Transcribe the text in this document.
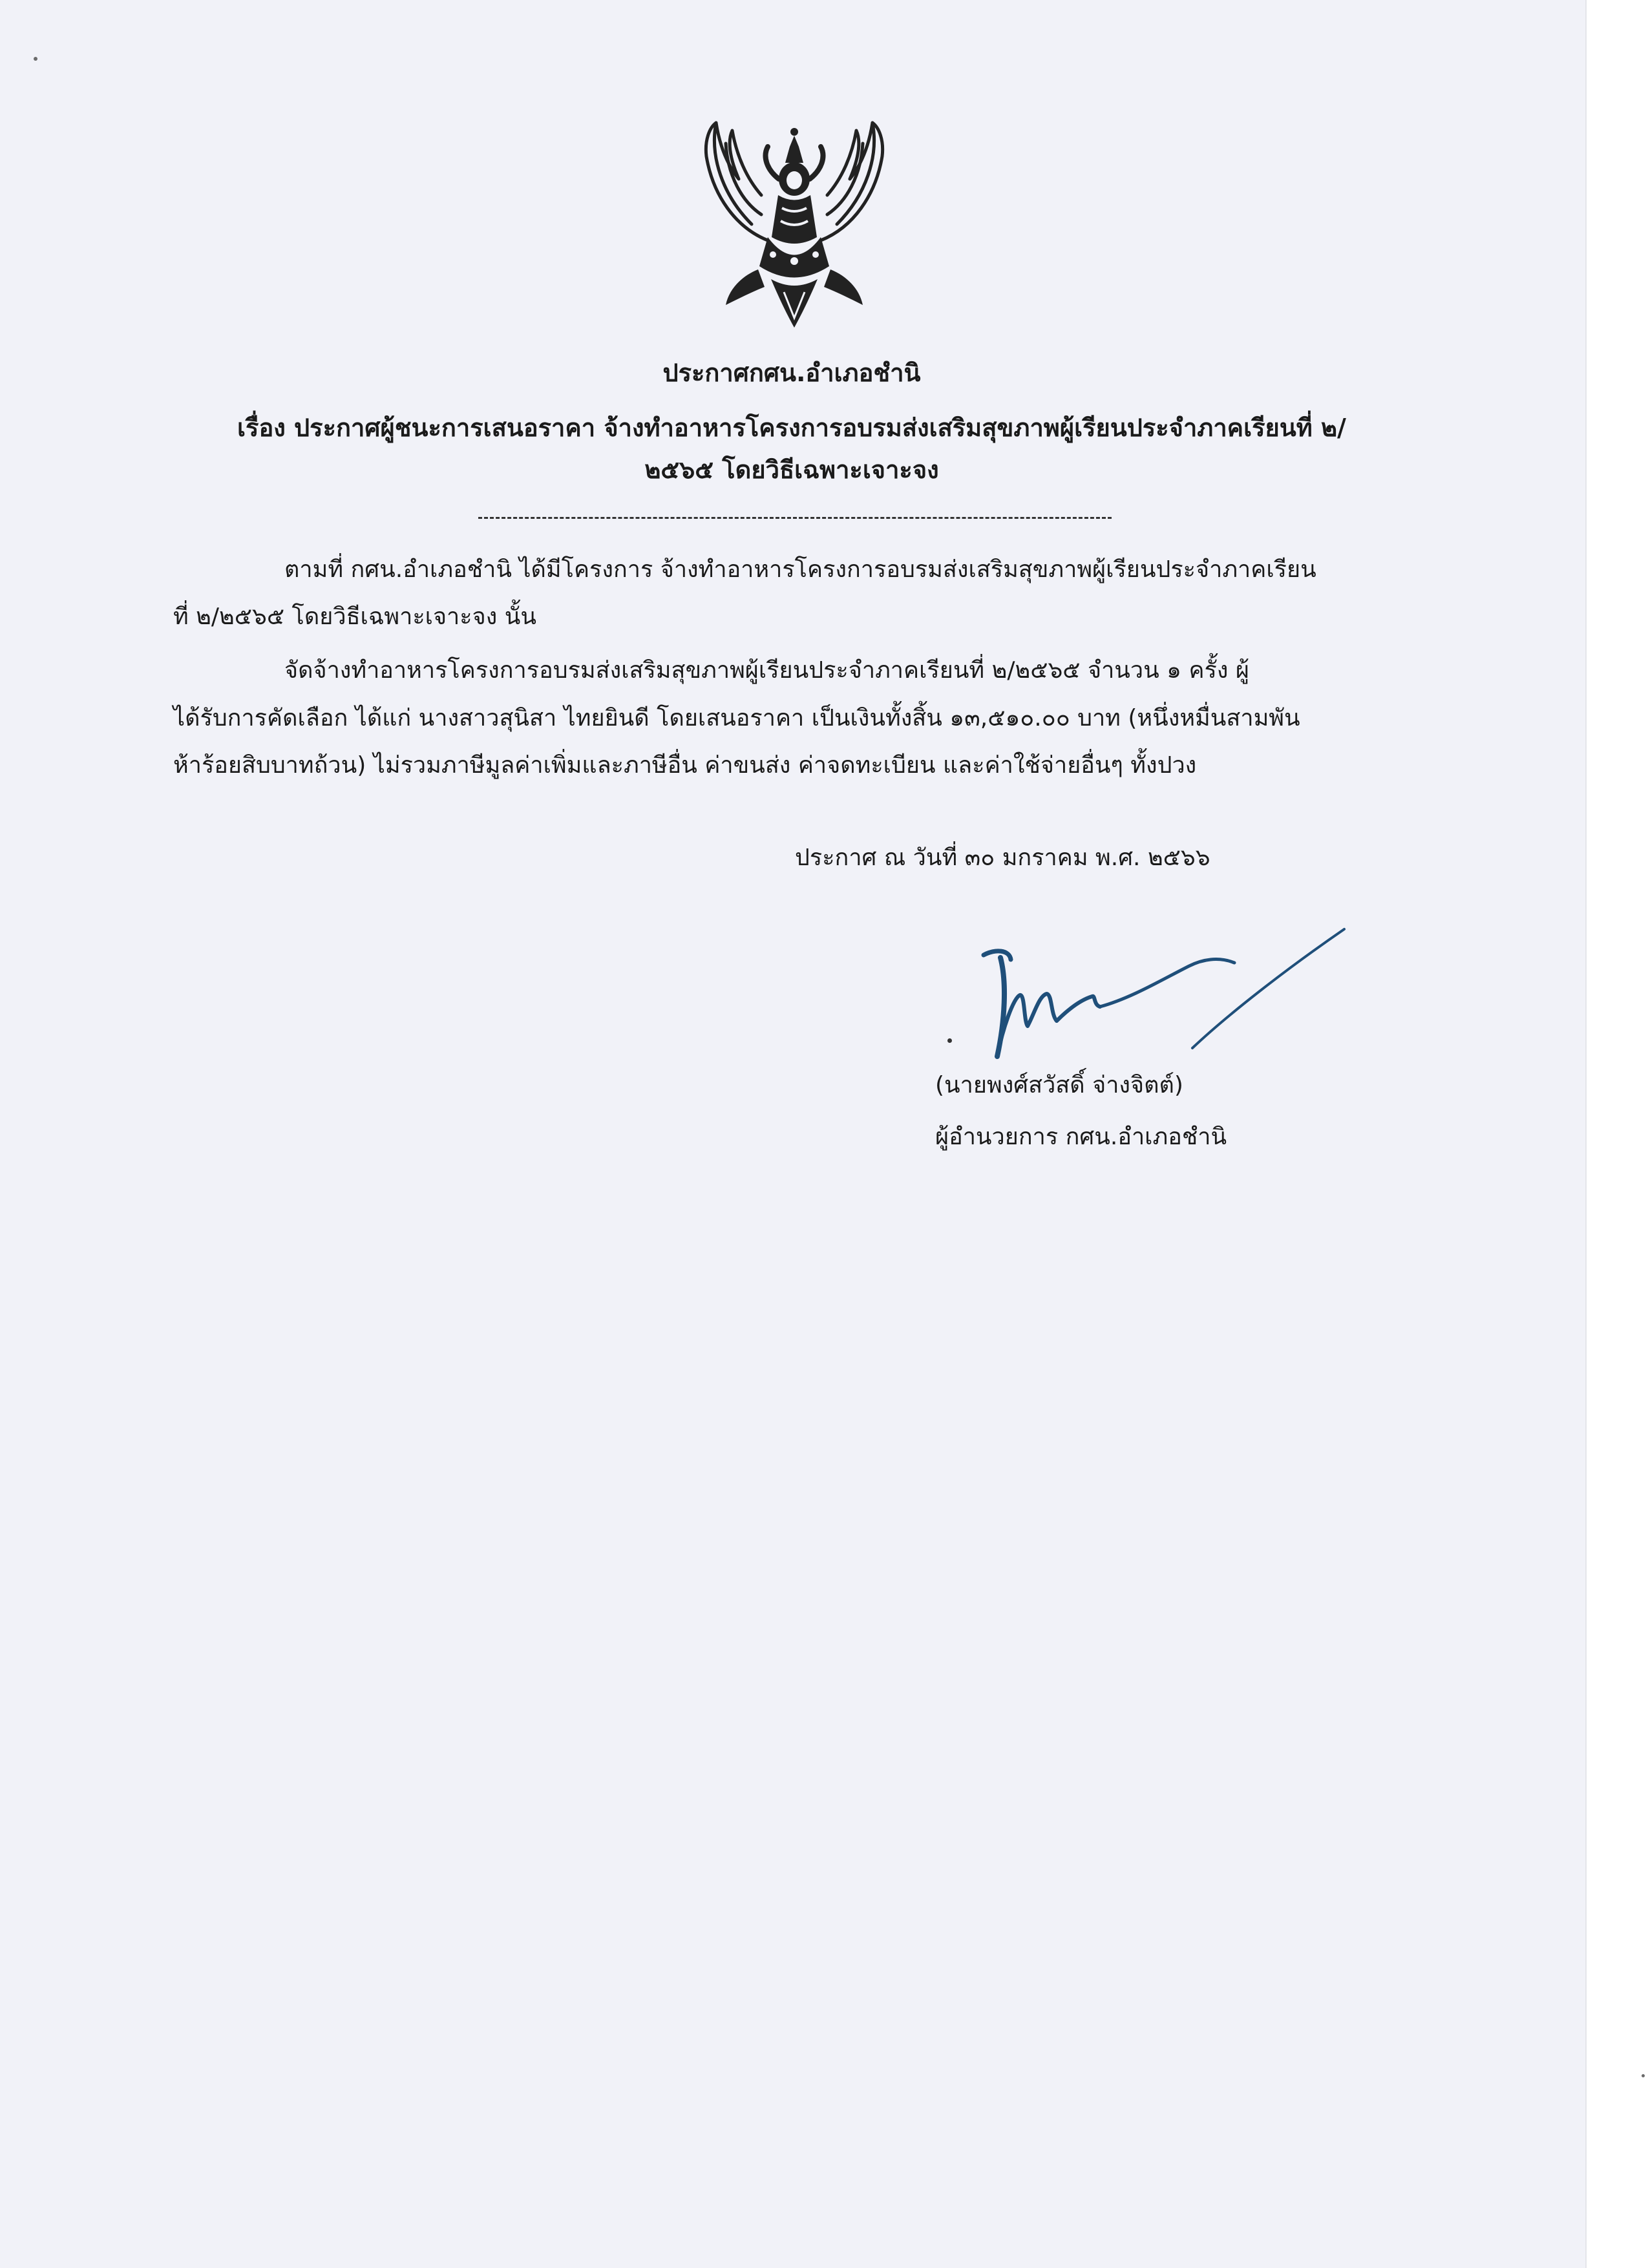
ประกาศกศน.อำเภอชำนิ
เรื่อง ประกาศผู้ชนะการเสนอราคา จ้างทำอาหารโครงการอบรมส่งเสริมสุขภาพผู้เรียนประจำภาคเรียนที่ ๒/
๒๕๖๕ โดยวิธีเฉพาะเจาะจง
ตามที่ กศน.อำเภอชำนิ ได้มีโครงการ จ้างทำอาหารโครงการอบรมส่งเสริมสุขภาพผู้เรียนประจำภาคเรียน
ที่ ๒/๒๕๖๕ โดยวิธีเฉพาะเจาะจง นั้น
จัดจ้างทำอาหารโครงการอบรมส่งเสริมสุขภาพผู้เรียนประจำภาคเรียนที่ ๒/๒๕๖๕ จำนวน ๑ ครั้ง ผู้
ได้รับการคัดเลือก ได้แก่ นางสาวสุนิสา ไทยยินดี โดยเสนอราคา เป็นเงินทั้งสิ้น ๑๓,๕๑๐.๐๐ บาท (หนึ่งหมื่นสามพัน
ห้าร้อยสิบบาทถ้วน) ไม่รวมภาษีมูลค่าเพิ่มและภาษีอื่น ค่าขนส่ง ค่าจดทะเบียน และค่าใช้จ่ายอื่นๆ ทั้งปวง
ประกาศ ณ วันที่ ๓๐ มกราคม พ.ศ. ๒๕๖๖
(นายพงศ์สวัสดิ์ จ่างจิตต์)
ผู้อำนวยการ กศน.อำเภอชำนิ
